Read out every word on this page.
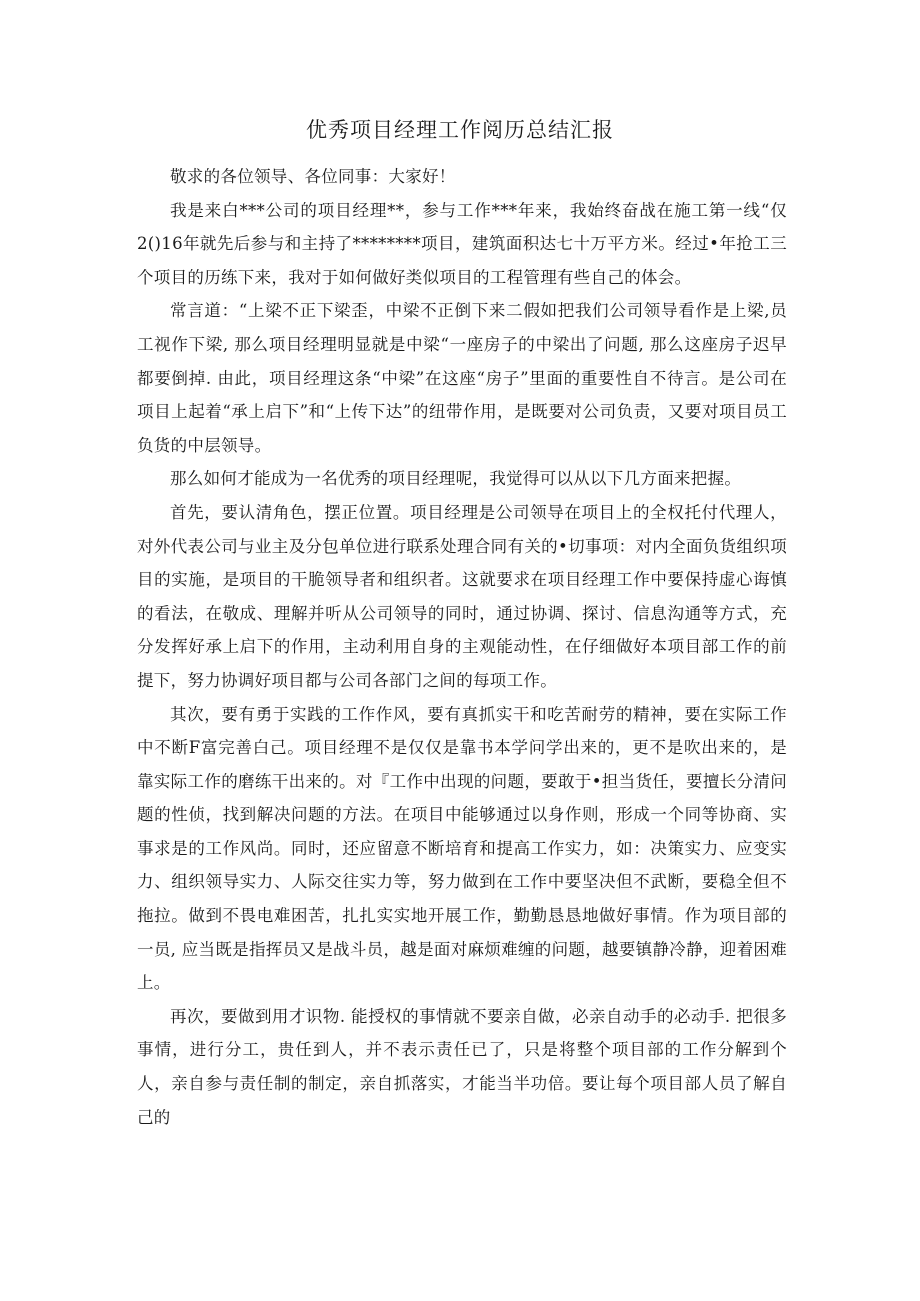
优秀项目经理工作阅历总结汇报

敬求的各位领导、各位同事：大家好！

我是来白***公司的项目经理**，参与工作***年来，我始终奋战在施工第一线“仅2()16年就先后参与和主持了********项目，建筑面积达七十万平方米。经过•年抢工三个项目的历练下来，我对于如何做好类似项目的工程管理有些自己的体会。

常言道：“上梁不正下梁歪，中梁不正倒下来二假如把我们公司领导看作是上梁,员工视作下梁, 那么项目经理明显就是中梁“一座房子的中梁出了问题, 那么这座房子迟早都要倒掉. 由此，项目经理这条“中梁”在这座“房子”里面的重要性自不待言。是公司在项目上起着“承上启下”和“上传下达”的纽带作用，是既要对公司负责，又要对项目员工负货的中层领导。

那么如何才能成为一名优秀的项目经理呢，我觉得可以从以下几方面来把握。

首先，要认清角色，摆正位置。项目经理是公司领导在项目上的全权托付代理人，对外代表公司与业主及分包单位进行联系处理合同有关的•切事项：对内全面负货组织项目的实施，是项目的干脆领导者和组织者。这就要求在项目经理工作中要保持虚心诲慎的看法，在敬成、理解并听从公司领导的同时，通过协调、探讨、信息沟通等方式，充分发挥好承上启下的作用，主动利用自身的主观能动性，在仔细做好本项目部工作的前提下，努力协调好项目都与公司各部门之间的每项工作。

其次，要有勇于实践的工作作风，要有真抓实干和吃苦耐劳的精神，要在实际工作中不断F富完善白己。项目经理不是仅仅是靠书本学问学出来的，更不是吹出来的，是靠实际工作的磨练干出来的。对『工作中出现的问题，要敢于•担当货任，要擅长分清问题的性侦，找到解决问题的方法。在项目中能够通过以身作则，形成一个同等协商、实事求是的工作风尚。同时，还应留意不断培育和提高工作实力，如：决策实力、应变实力、组织领导实力、人际交往实力等，努力做到在工作中要坚决但不武断，要稳全但不拖拉。做到不畏电难困苦，扎扎实实地开展工作，勤勤恳恳地做好事情。作为项目部的一员, 应当既是指挥员又是战斗员，越是面对麻烦难缠的问题，越要镇静冷静，迎着困难上。

再次，要做到用才识物. 能授权的事情就不要亲自做，必亲自动手的必动手. 把很多事情，进行分工，贵任到人，并不表示责任已了，只是将整个项目部的工作分解到个人，亲自参与责任制的制定，亲自抓落实，才能当半功倍。要让每个项目部人员了解自己的
